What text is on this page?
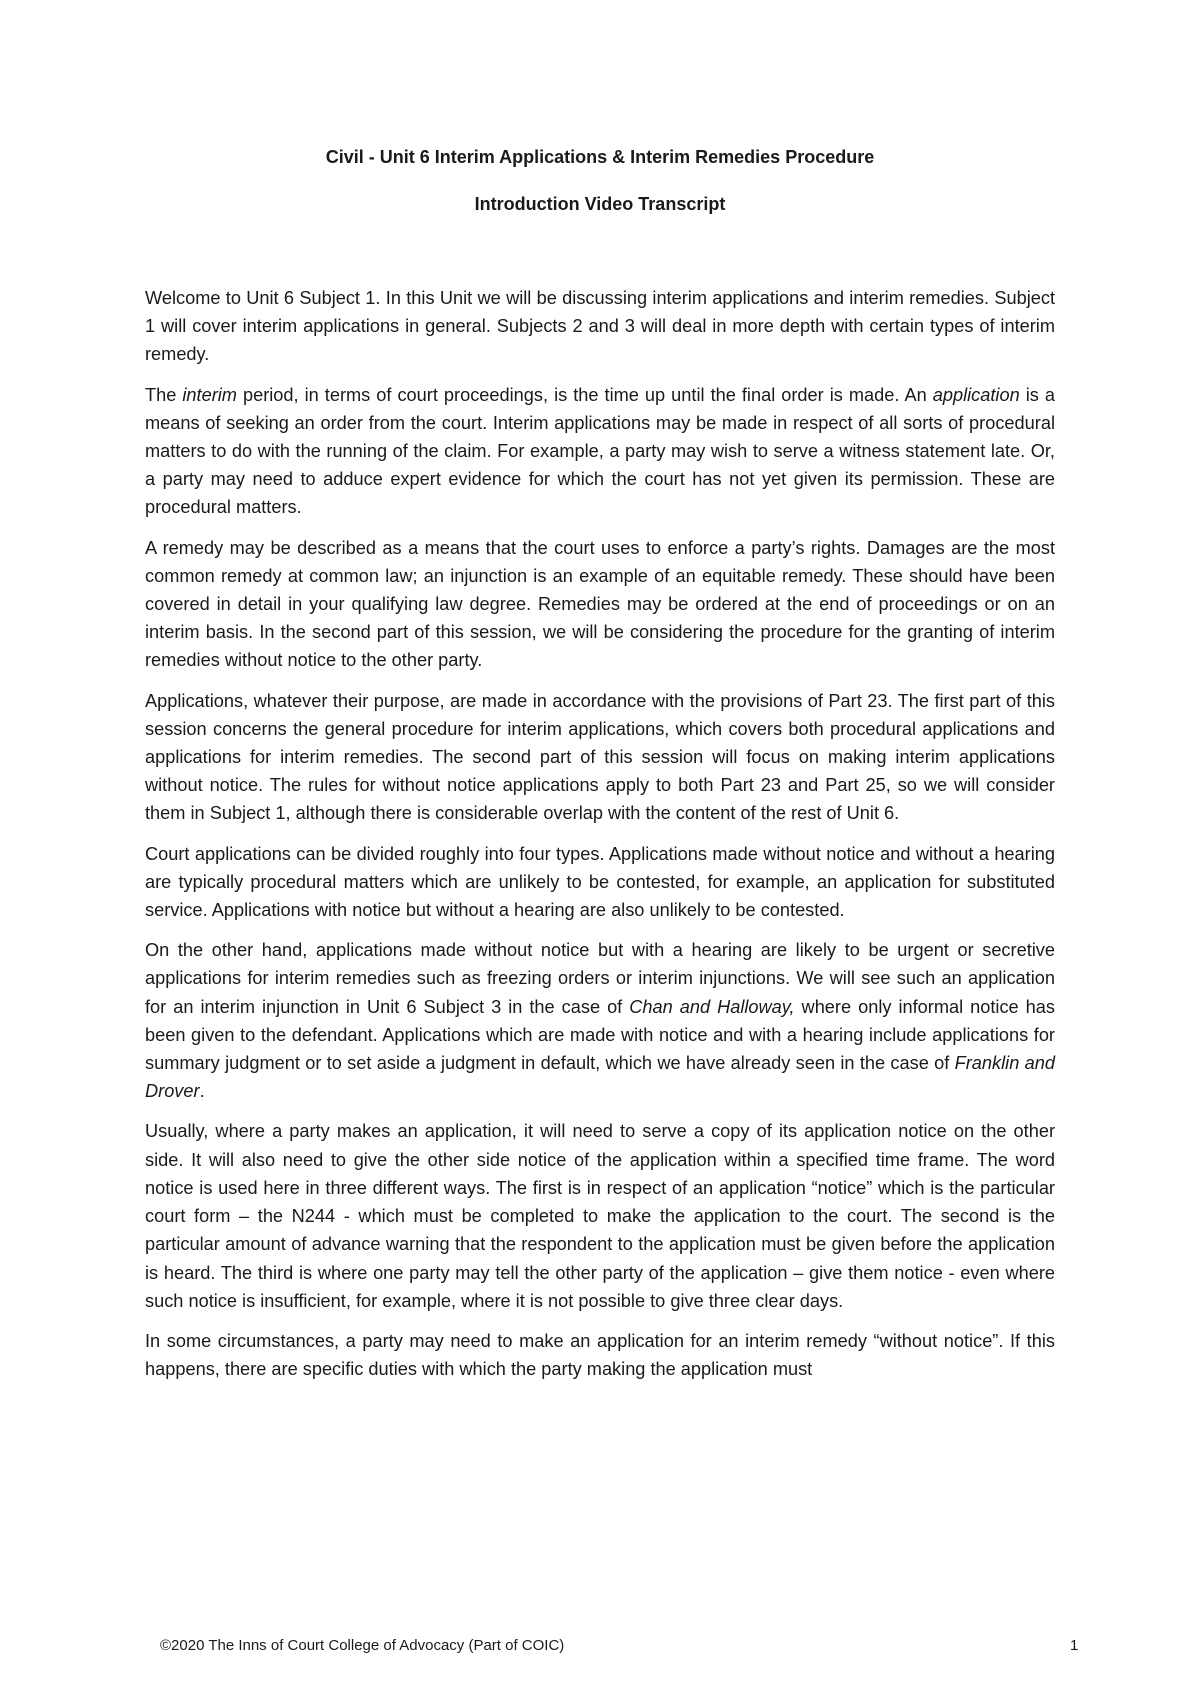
Civil - Unit 6 Interim Applications & Interim Remedies Procedure
Introduction Video Transcript

Welcome to Unit 6 Subject 1. In this Unit we will be discussing interim applications and interim remedies. Subject 1 will cover interim applications in general. Subjects 2 and 3 will deal in more depth with certain types of interim remedy.

The interim period, in terms of court proceedings, is the time up until the final order is made. An application is a means of seeking an order from the court. Interim applications may be made in respect of all sorts of procedural matters to do with the running of the claim. For example, a party may wish to serve a witness statement late. Or, a party may need to adduce expert evidence for which the court has not yet given its permission. These are procedural matters.

A remedy may be described as a means that the court uses to enforce a party’s rights. Damages are the most common remedy at common law; an injunction is an example of an equitable remedy. These should have been covered in detail in your qualifying law degree. Remedies may be ordered at the end of proceedings or on an interim basis. In the second part of this session, we will be considering the procedure for the granting of interim remedies without notice to the other party.

Applications, whatever their purpose, are made in accordance with the provisions of Part 23. The first part of this session concerns the general procedure for interim applications, which covers both procedural applications and applications for interim remedies. The second part of this session will focus on making interim applications without notice. The rules for without notice applications apply to both Part 23 and Part 25, so we will consider them in Subject 1, although there is considerable overlap with the content of the rest of Unit 6.

Court applications can be divided roughly into four types. Applications made without notice and without a hearing are typically procedural matters which are unlikely to be contested, for example, an application for substituted service. Applications with notice but without a hearing are also unlikely to be contested.

On the other hand, applications made without notice but with a hearing are likely to be urgent or secretive applications for interim remedies such as freezing orders or interim injunctions. We will see such an application for an interim injunction in Unit 6 Subject 3 in the case of Chan and Halloway, where only informal notice has been given to the defendant. Applications which are made with notice and with a hearing include applications for summary judgment or to set aside a judgment in default, which we have already seen in the case of Franklin and Drover.

Usually, where a party makes an application, it will need to serve a copy of its application notice on the other side. It will also need to give the other side notice of the application within a specified time frame. The word notice is used here in three different ways. The first is in respect of an application “notice” which is the particular court form – the N244 - which must be completed to make the application to the court. The second is the particular amount of advance warning that the respondent to the application must be given before the application is heard. The third is where one party may tell the other party of the application – give them notice - even where such notice is insufficient, for example, where it is not possible to give three clear days.

In some circumstances, a party may need to make an application for an interim remedy “without notice”. If this happens, there are specific duties with which the party making the application must

©2020 The Inns of Court College of Advocacy (Part of COIC)	1
